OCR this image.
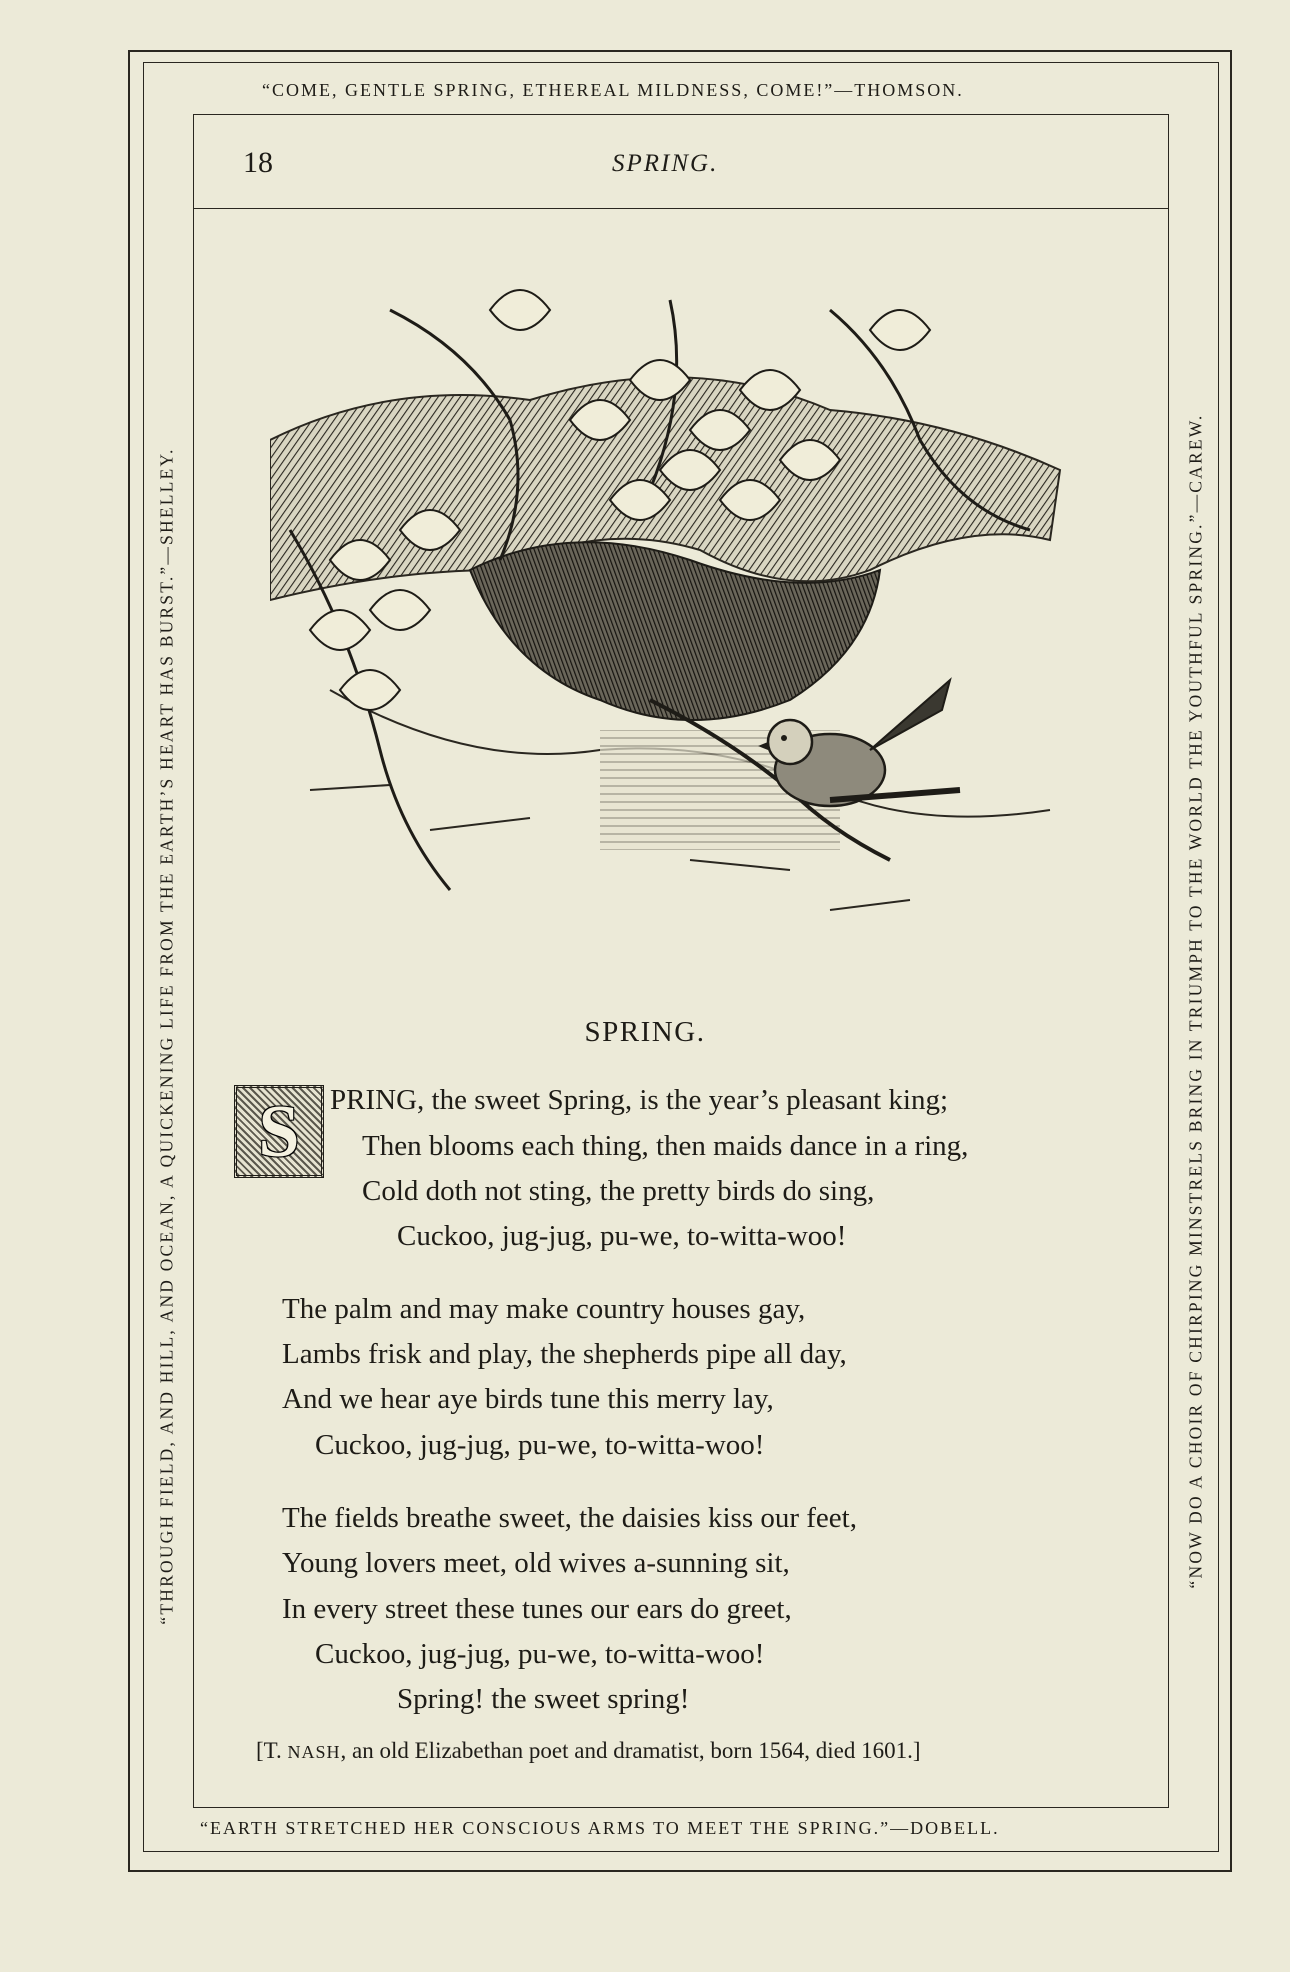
“COME, GENTLE SPRING, ETHEREAL MILDNESS, COME!”—THOMSON.
“EARTH STRETCHED HER CONSCIOUS ARMS TO MEET THE SPRING.”—DOBELL.
“THROUGH FIELD, AND HILL, AND OCEAN, A QUICKENING LIFE FROM THE EARTH’S HEART HAS BURST.”—SHELLEY.	“NOW DO A CHOIR OF CHIRPING MINSTRELS BRING IN TRIUMPH TO THE WORLD THE YOUTHFUL SPRING.”—CAREW.
18	SPRING.
SPRING.
S PRING, the sweet Spring, is the year’s pleasant king;
Then blooms each thing, then maids dance in a ring,
Cold doth not sting, the pretty birds do sing,
Cuckoo, jug-jug, pu-we, to-witta-woo!
The palm and may make country houses gay,
Lambs frisk and play, the shepherds pipe all day,
And we hear aye birds tune this merry lay,
Cuckoo, jug-jug, pu-we, to-witta-woo!
The fields breathe sweet, the daisies kiss our feet,
Young lovers meet, old wives a-sunning sit,
In every street these tunes our ears do greet,
Cuckoo, jug-jug, pu-we, to-witta-woo!
Spring! the sweet spring!
[T. NASH, an old Elizabethan poet and dramatist, born 1564, died 1601.]
